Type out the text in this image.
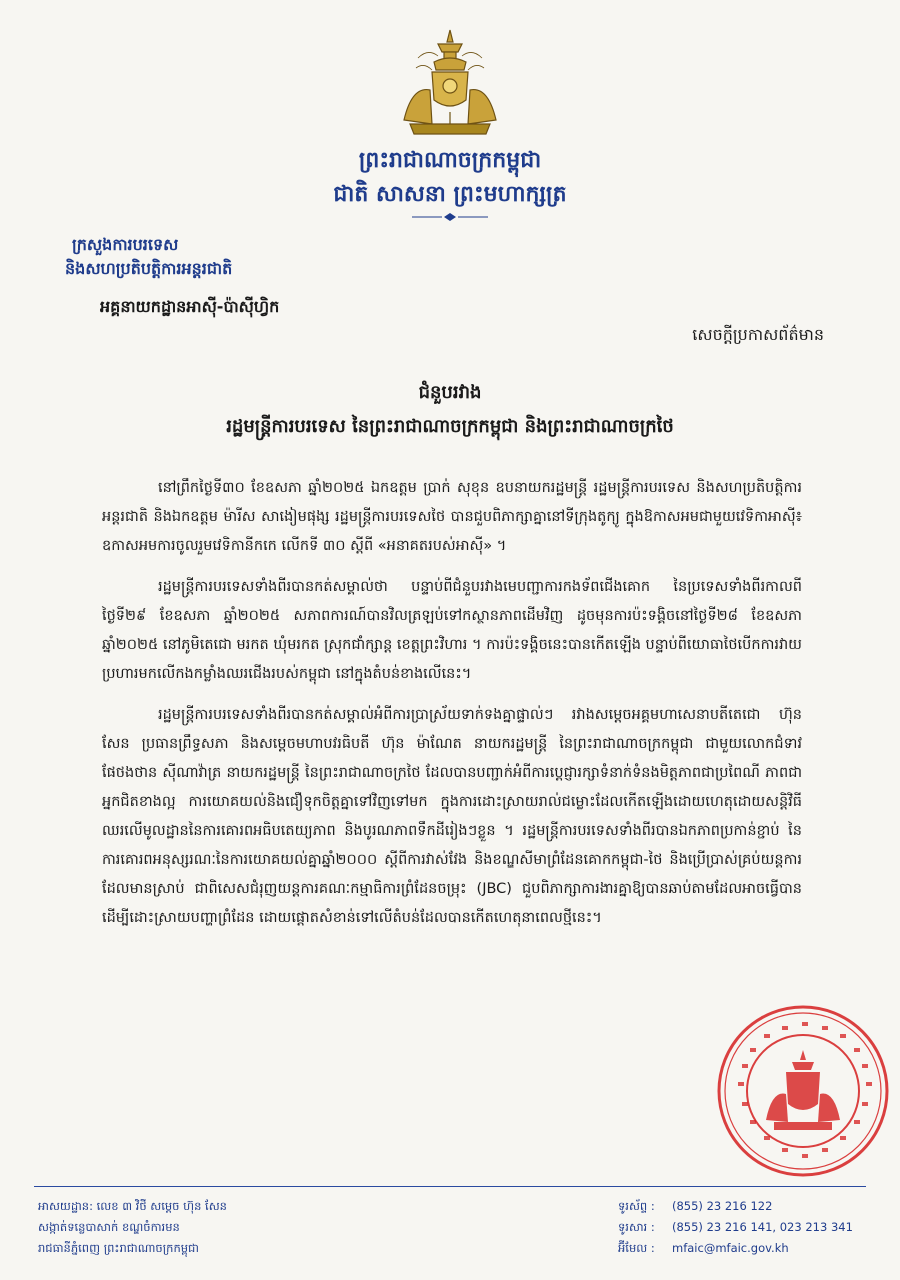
ព្រះរាជាណាចក្រកម្ពុជា
ជាតិ សាសនា ព្រះមហាក្សត្រ
ក្រសួងការបរទេស
និងសហប្រតិបត្តិការអន្តរជាតិ
អគ្គនាយកដ្ឋានអាស៊ី-ប៉ាស៊ីហ្វិក
សេចក្តីប្រកាសព័ត៌មាន
ជំនួបរវាង
រដ្ឋមន្ត្រីការបរទេស នៃព្រះរាជាណាចក្រកម្ពុជា និងព្រះរាជាណាចក្រថៃ

នៅព្រឹកថ្ងៃទី៣០ ខែឧសភា ឆ្នាំ២០២៥ ឯកឧត្តម ប្រាក់ សុខុន ឧបនាយករដ្ឋមន្ត្រី រដ្ឋមន្ត្រីការបរទេស និងសហប្រតិបត្តិការអន្តរជាតិ និងឯកឧត្តម ម៉ារីស សាងៀមផុង្ស រដ្ឋមន្ត្រីការបរទេសថៃ បានជួបពិភាក្សាគ្នានៅទីក្រុងតូក្យូ ក្នុងឱកាសអមជាមួយវេទិកាអាស៊ី៖ ឧកាសអមការចូលរួមវេទិកានីកកេ លើកទី ៣០ ស្តីពី «អនាគតរបស់អាស៊ី» ។

រដ្ឋមន្ត្រីការបរទេសទាំងពីរបានកត់សម្គាល់ថា បន្ទាប់ពីជំនួបរវាងមេបញ្ជាការកងទ័ពជើងគោក នៃប្រទេសទាំងពីរកាលពីថ្ងៃទី២៩ ខែឧសភា ឆ្នាំ២០២៥ សភាពការណ៍បានវិលត្រឡប់ទៅកស្ថានភាពដើមវិញ ដូចមុនការប៉ះទង្គិចនៅថ្ងៃទី២៨ ខែឧសភា ឆ្នាំ២០២៥ នៅភូមិតេជោ មរកត ឃុំមរកត ស្រុកជាំក្សាន្ត ខេត្តព្រះវិហារ ។ ការប៉ះទង្គិចនេះបានកើតឡើង បន្ទាប់ពីយោធាថៃបើកការវាយប្រហារមកលើកងកម្លាំងឈរជើងរបស់កម្ពុជា នៅក្នុងតំបន់ខាងលើនេះ។

រដ្ឋមន្ត្រីការបរទេសទាំងពីរបានកត់សម្គាល់អំពីការប្រាស្រ័យទាក់ទងគ្នាផ្ទាល់ៗ រវាងសម្តេចអគ្គមហាសេនាបតីតេជោ ហ៊ុន សែន ប្រធានព្រឹទ្ធសភា និងសម្តេចមហាបវរធិបតី ហ៊ុន ម៉ាណែត នាយករដ្ឋមន្ត្រី នៃព្រះរាជាណាចក្រកម្ពុជា ជាមួយលោកជំទាវ ផែថងថាន ស៊ីណាវ៉ាត្រ នាយករដ្ឋមន្ត្រី នៃព្រះរាជាណាចក្រថៃ ដែលបានបញ្ជាក់អំពីការប្តេជ្ញារក្សាទំនាក់ទំនងមិត្តភាពជាប្រពៃណី ភាពជាអ្នកជិតខាងល្អ ការយោគយល់និងជឿទុកចិត្តគ្នាទៅវិញទៅមក ក្នុងការដោះស្រាយរាល់ជម្លោះដែលកើតឡើងដោយហេតុដោយសន្តិវិធី ឈរលើមូលដ្ឋាននៃការគោរពអធិបតេយ្យភាព និងបូរណភាពទឹកដីរៀងៗខ្លួន ។ រដ្ឋមន្ត្រីការបរទេសទាំងពីរបានឯកភាពប្រកាន់ខ្ជាប់ នៃការគោរពអនុស្សរណៈនៃការយោគយល់គ្នាឆ្នាំ២០០០ ស្តីពីការវាស់វែង និងខណ្ឌសីមាព្រំដែនគោកកម្ពុជា-ថៃ និងប្រើប្រាស់គ្រប់យន្តការដែលមានស្រាប់ ជាពិសេសជំរុញយន្តការគណៈកម្មាធិការព្រំដែនចម្រុះ (JBC) ជួបពិភាក្សាការងារគ្នាឱ្យបានឆាប់តាមដែលអាចធ្វើបាន ដើម្បីដោះស្រាយបញ្ហាព្រំដែន ដោយផ្តោតសំខាន់ទៅលើតំបន់ដែលបានកើតហេតុនាពេលថ្មីនេះ។

អាសយដ្ឋាន: លេខ ៣ វិថី សម្តេច ហ៊ុន សែន
សង្កាត់ទន្លេបាសាក់ ខណ្ឌចំការមន
រាជធានីភ្នំពេញ ព្រះរាជាណាចក្រកម្ពុជា
ទូរស័ព្ទ : (855) 23 216 122
ទូរសារ : (855) 23 216 141, 023 213 341
អ៊ីមែល : mfaic@mfaic.gov.kh
